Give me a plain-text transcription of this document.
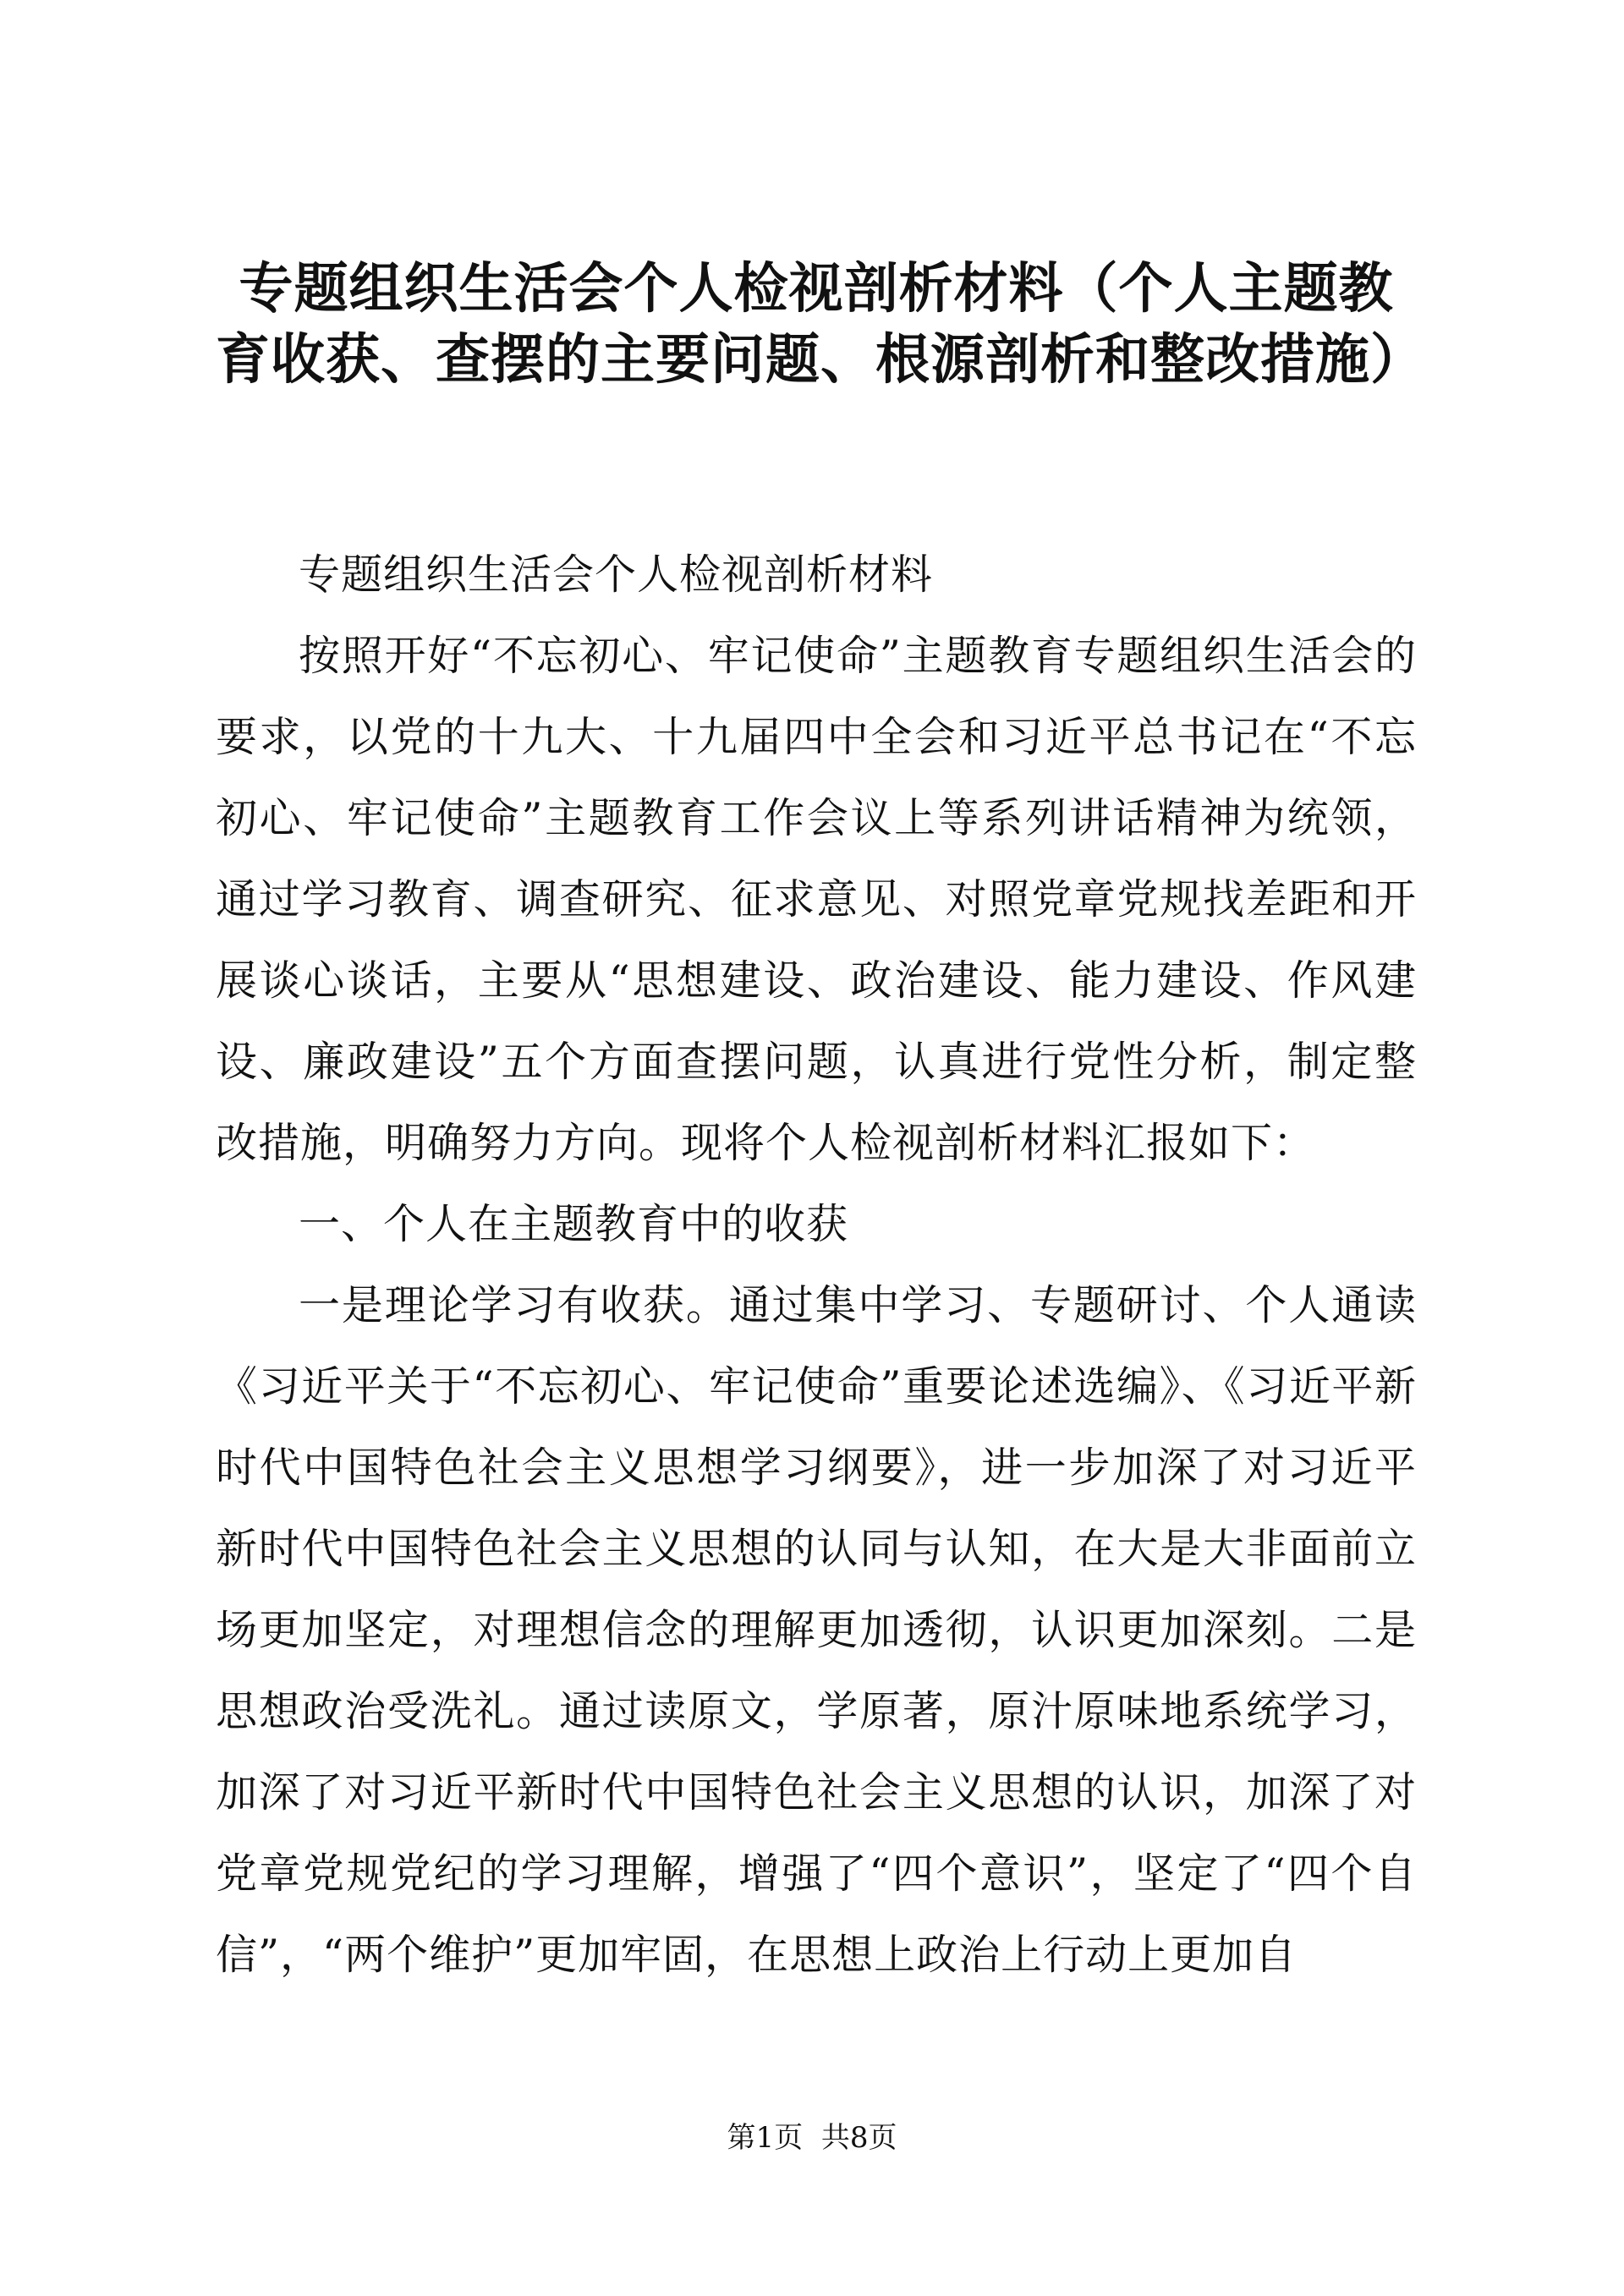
专题组织生活会个人检视剖析材料（个人主题教育收获、查摆的主要问题、根源剖析和整改措施）

专题组织生活会个人检视剖析材料

按照开好“不忘初心、牢记使命”主题教育专题组织生活会的要求，以党的十九大、十九届四中全会和习近平总书记在“不忘初心、牢记使命”主题教育工作会议上等系列讲话精神为统领，通过学习教育、调查研究、征求意见、对照党章党规找差距和开展谈心谈话，主要从“思想建设、政治建设、能力建设、作风建设、廉政建设”五个方面查摆问题，认真进行党性分析，制定整改措施，明确努力方向。现将个人检视剖析材料汇报如下：

一、个人在主题教育中的收获

一是理论学习有收获。通过集中学习、专题研讨、个人通读《习近平关于“不忘初心、牢记使命”重要论述选编》、《习近平新时代中国特色社会主义思想学习纲要》，进一步加深了对习近平新时代中国特色社会主义思想的认同与认知，在大是大非面前立场更加坚定，对理想信念的理解更加透彻，认识更加深刻。二是思想政治受洗礼。通过读原文，学原著，原汁原味地系统学习，加深了对习近平新时代中国特色社会主义思想的认识，加深了对党章党规党纪的学习理解，增强了“四个意识”，坚定了“四个自信”，“两个维护”更加牢固，在思想上政治上行动上更加自

第1页 共8页
